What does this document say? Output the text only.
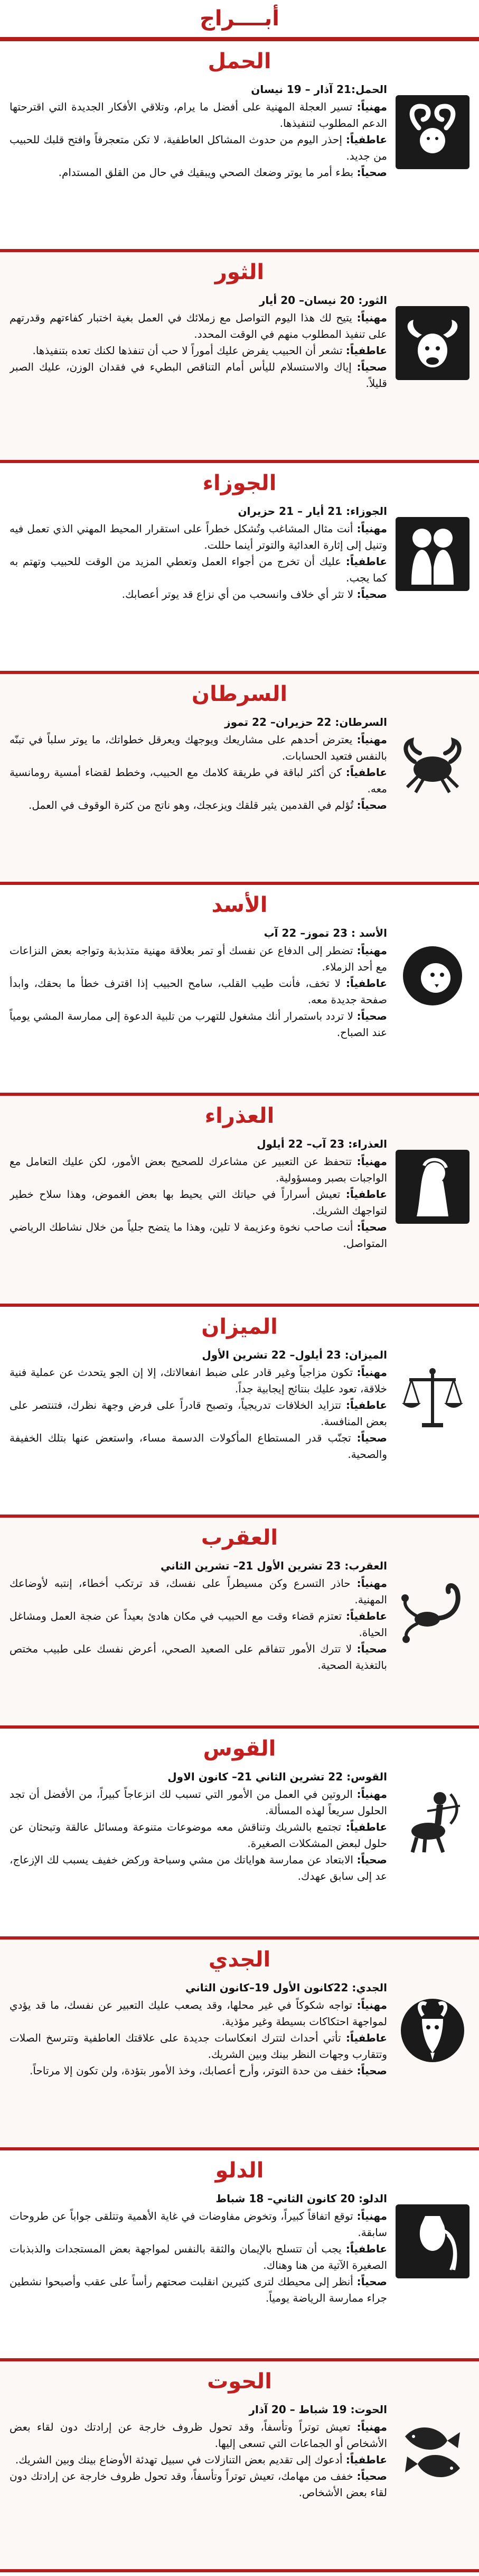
أبــــراج
الحمل

الحمل:21 آذار – 19 نيسان

مهنياً: تسير العجلة المهنية على أفضل ما يرام، وتلاقي الأفكار الجديدة التي اقترحتها الدعم المطلوب لتنفيذها.

عاطفياً: إحذر اليوم من حدوث المشاكل العاطفية، لا تكن متعجرفاً وافتح قلبك للحبيب من جديد.

صحياً: بطء أمر ما يوتر وضعك الصحي ويبقيك في حال من القلق المستدام.

الثور

الثور: 20 نيسان– 20 أيار

مهنياً: يتيح لك هذا اليوم التواصل مع زملائك في العمل بغية اختبار كفاءتهم وقدرتهم على تنفيذ المطلوب منهم في الوقت المحدد.

عاطفياً: تشعر أن الحبيب يفرض عليك أموراً لا حب أن تنفذها لكنك تعده بتنفيذها.

صحياً: إياك والاستسلام لليأس أمام التناقص البطيء في فقدان الوزن، عليك الصبر قليلاً.

الجوزاء

الجوزاء: 21 أيار – 21 حزيران

مهنياً: أنت مثال المشاغب وتُشكل خطراً على استقرار المحيط المهني الذي تعمل فيه وتنيل إلى إثارة العدائية والتوتر أينما حللت.

عاطفياً: عليك أن تخرج من أجواء العمل وتعطي المزيد من الوقت للحبيب وتهتم به كما يجب.

صحياً: لا تثر أي خلاف وانسحب من أي نزاع قد يوتر أعصابك.

السرطان

السرطان: 22 حزيران– 22 تموز

مهنياً: يعترض أحدهم على مشاريعك ويوجهك ويعرقل خطواتك، ما يوتر سلباً في تبنّه بالنفس فتعيد الحسابات.

عاطفياً: كن أكثر لباقة في طريقة كلامك مع الحبيب، وخطط لقضاء أمسية رومانسية معه.

صحياً: تُؤلم في القدمين يثير قلقك ويزعجك، وهو ناتج من كثرة الوقوف في العمل.

الأسد

الأسد : 23 تموز– 22 آب

مهنياً: تضطر إلى الدفاع عن نفسك أو تمر بعلاقة مهنية متذبذبة وتواجه بعض النزاعات مع أحد الزملاء.

عاطفياً: لا تخف، فأنت طيب القلب، سامح الحبيب إذا اقترف خطأ ما بحقك، وابدأ صفحة جديدة معه.

صحياً: لا تردد باستمرار أنك مشغول للتهرب من تلبية الدعوة إلى ممارسة المشي يومياً عند الصباح.

العذراء

العذراء: 23 آب– 22 أيلول

مهنياً: تتحفظ عن التعبير عن مشاعرك للصحيح بعض الأمور، لكن عليك التعامل مع الواجبات بصبر ومسؤولية.

عاطفياً: تعيش أسراراً في حياتك التي يحيط بها بعض الغموض، وهذا سلاح خطير لتواجهك الشريك.

صحياً: أنت صاحب نخوة وعزيمة لا تلين، وهذا ما يتضح جلياً من خلال نشاطك الرياضي المتواصل.

الميزان

الميزان: 23 أيلول– 22 تشرين الأول

مهنياً: تكون مزاجياً وغير قادر على ضبط انفعالاتك، إلا إن الجو يتحدث عن عملية فنية خلاقة، تعود عليك بنتائج إيجابية جداً.

عاطفياً: تتزايد الخلافات تدريجياً، وتصبح قادراً على فرض وجهة نظرك، فتنتصر على بعض المنافسة.

صحياً: تجنّب قدر المستطاع المأكولات الدسمة مساء، واستعض عنها بتلك الخفيفة والصحية.

العقرب

العقرب: 23 تشرين الأول 21– تشرين الثاني

مهنياً: حاذر التسرع وكن مسيطراً على نفسك، قد ترتكب أخطاء، إنتبه لأوضاعك المهنية.

عاطفياً: تعتزم قضاء وقت مع الحبيب في مكان هادئ بعيداً عن ضجة العمل ومشاغل الحياة.

صحياً: لا تترك الأمور تتفاقم على الصعيد الصحي، أعرض نفسك على طبيب مختص بالتغذية الصحية.

القوس

القوس: 22 تشرين الثاني 21– كانون الاول

مهنياً: الروتين في العمل من الأمور التي تسبب لك انزعاجاً كبيراً، من الأفضل أن تجد الحلول سريعاً لهذه المسألة.

عاطفياً: تجتمع بالشريك وتناقش معه موضوعات متنوعة ومسائل عالقة وتبحثان عن حلول لبعض المشكلات الصغيرة.

صحياً: الابتعاد عن ممارسة هواياتك من مشي وسباحة وركض خفيف يسبب لك الإزعاج، عد إلى سابق عهدك.

الجدي

الجدي: 22كانون الأول 19–كانون الثاني

مهنياً: تواجه شكوكاً في غير محلها، وقد يصعب عليك التعبير عن نفسك، ما قد يؤدي لمواجهة احتكاكات بسيطة وغير مؤذية.

عاطفياً: تأتي أحداث لتترك انعكاسات جديدة على علاقتك العاطفية وتترسخ الصلات وتتقارب وجهات النظر بينك وبين الشريك.

صحياً: خفف من حدة التوتر، وأرح أعصابك، وخذ الأمور بتؤدة، ولن تكون إلا مرتاحاً.

الدلو

الدلو: 20 كانون الثاني– 18 شباط

مهنياً: توقع اتفاقاً كبيراً، وتخوض مفاوضات في غاية الأهمية وتتلقى جواباً عن طروحات سابقة.

عاطفياً: يجب أن تتسلح بالإيمان والثقة بالنفس لمواجهة بعض المستجدات والذبذبات الصغيرة الآتية من هنا وهناك.

صحياً: أنظر إلى محيطك لترى كثيرين انقلبت صحتهم رأساً على عقب وأصبحوا نشطين جراء ممارسة الرياضة يومياً.

الحوت

الحوت: 19 شباط – 20 آذار

مهنياً: تعيش توتراً وتأسفاً، وقد تحول ظروف خارجة عن إرادتك دون لقاء بعض الأشخاص أو الجماعات التي تسعى إليها.

عاطفياً: أدعوك إلى تقديم بعض التنازلات في سبيل تهدئة الأوضاع بينك وبين الشريك.

صحياً: خفف من مهامك، تعيش توتراً وتأسفاً، وقد تحول ظروف خارجة عن إرادتك دون لقاء بعض الأشخاص.
